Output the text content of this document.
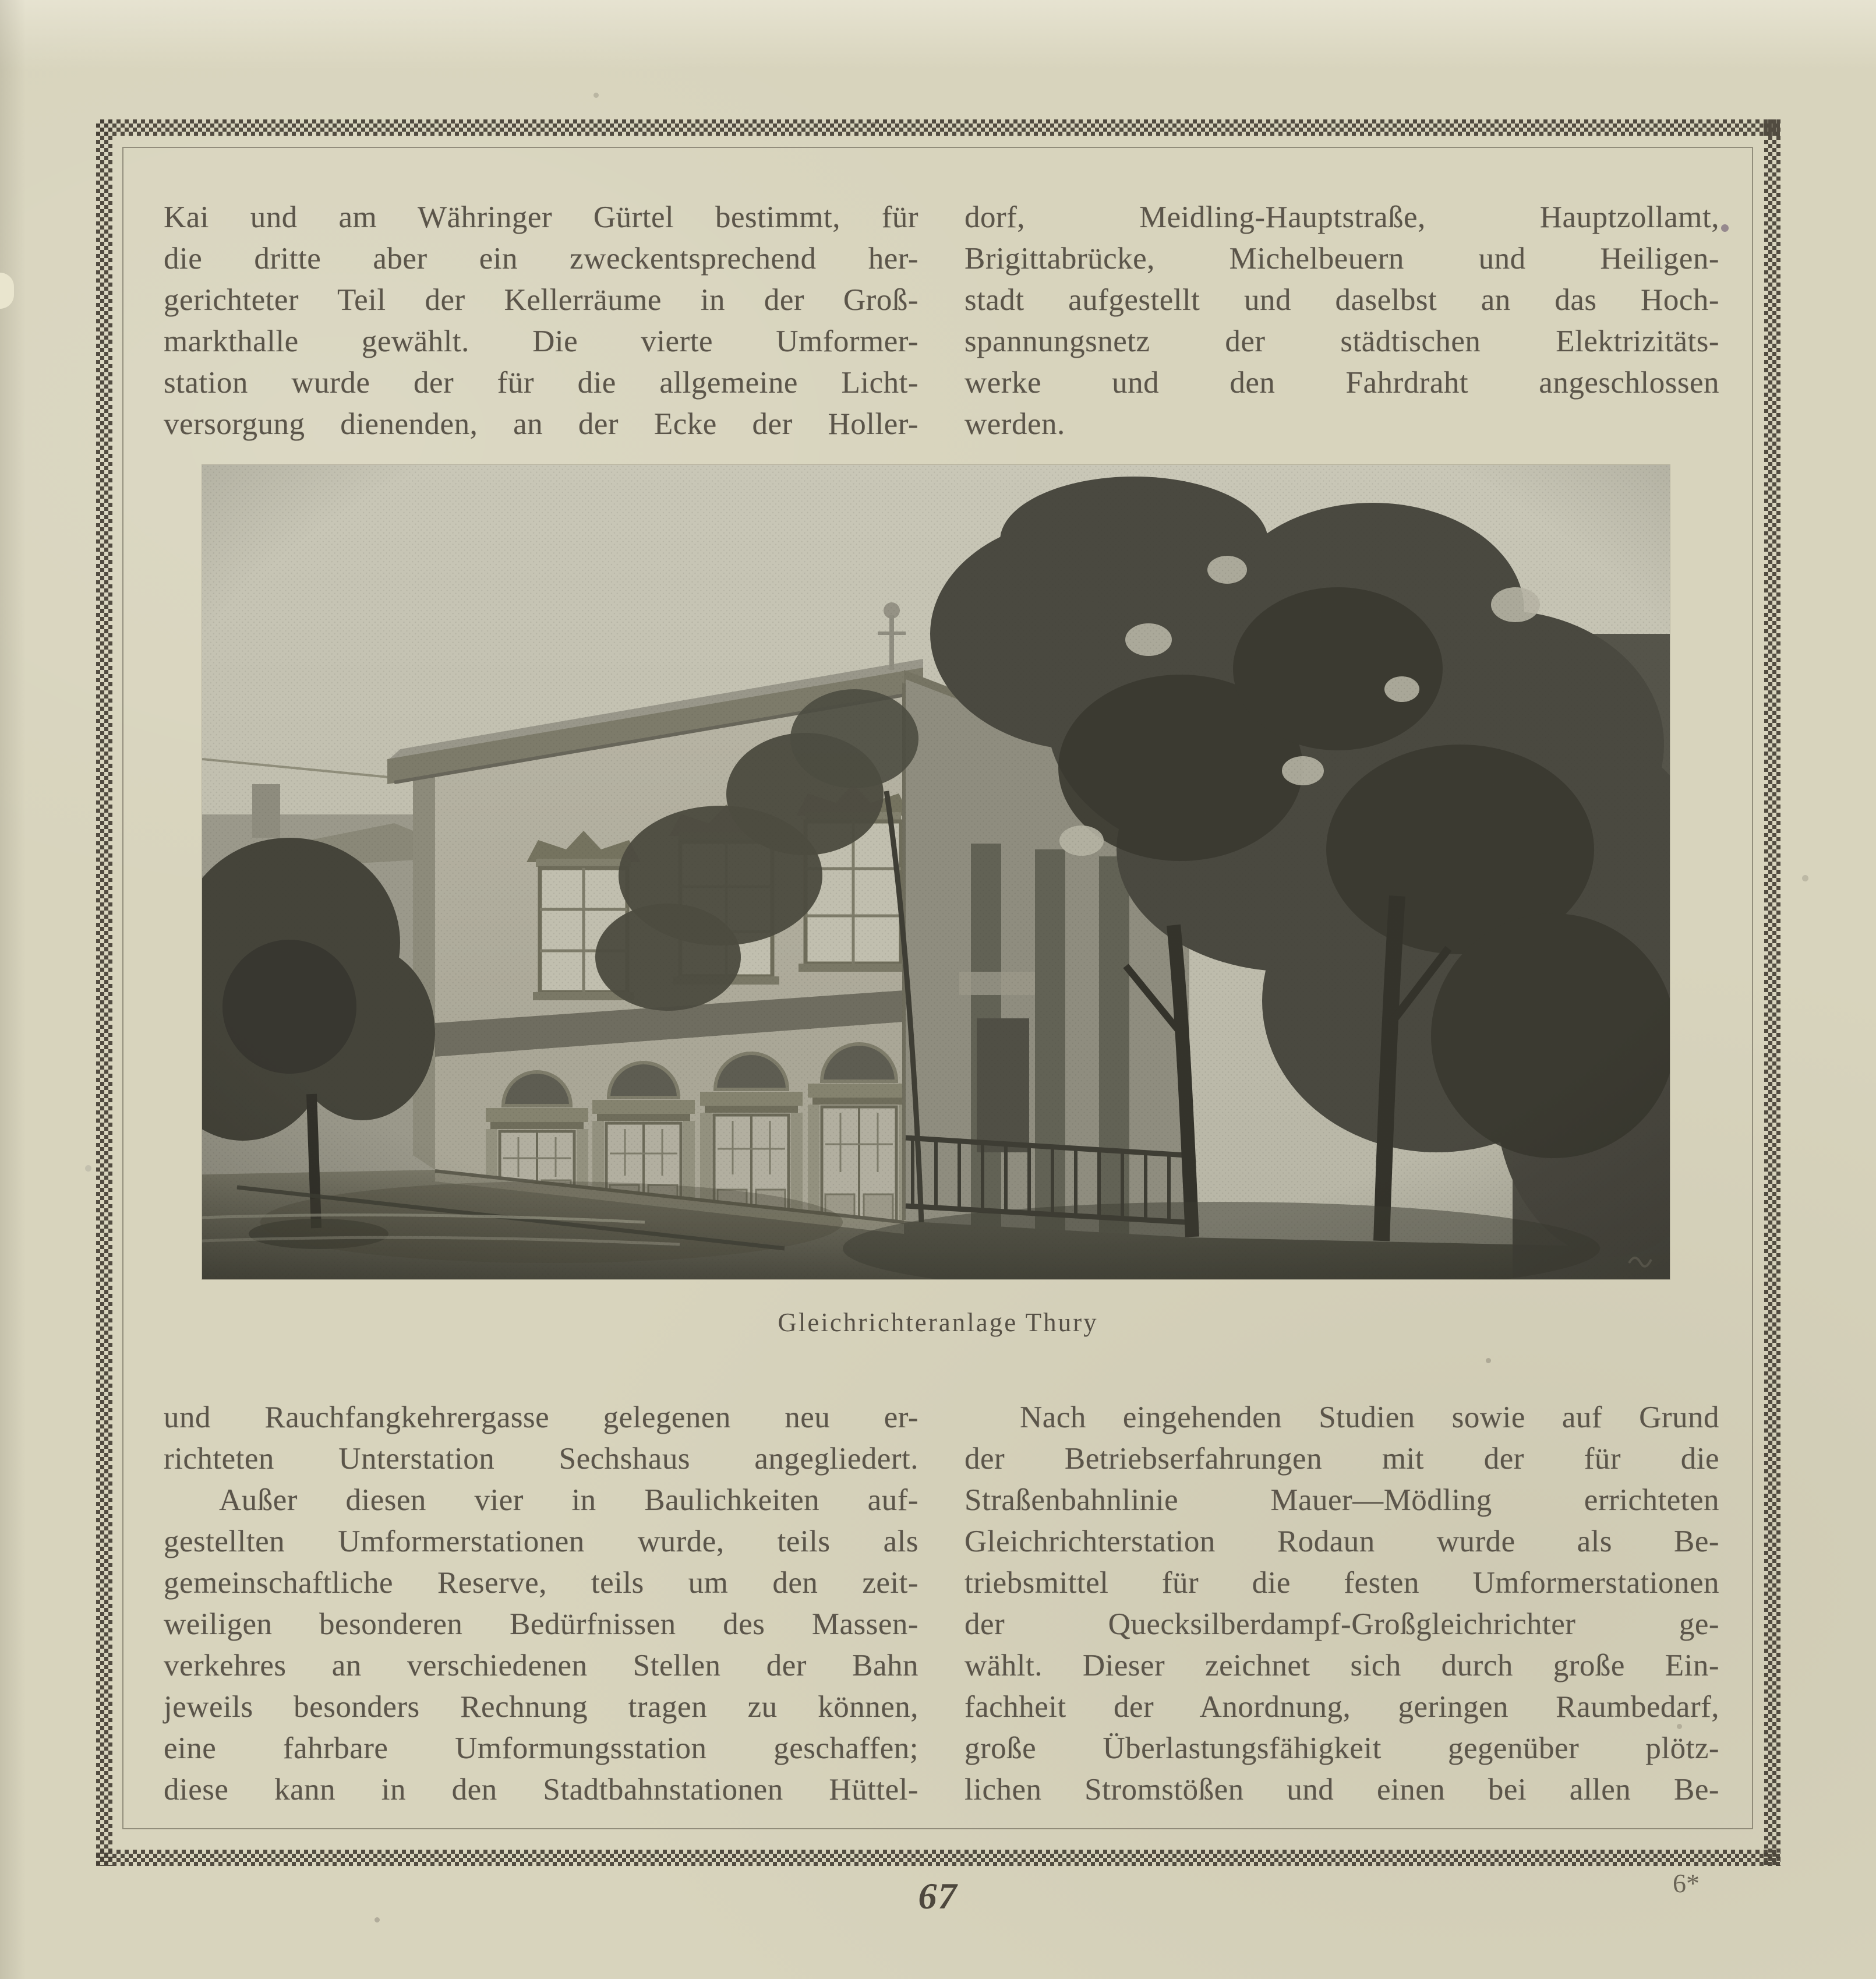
Kai und am Währinger Gürtel bestimmt, für
die dritte aber ein zweckentsprechend her-
gerichteter Teil der Kellerräume in der Groß-
markthalle gewählt. Die vierte Umformer-
station wurde der für die allgemeine Licht-
versorgung dienenden, an der Ecke der Holler-
dorf, Meidling-Hauptstraße, Hauptzollamt,
Brigittabrücke, Michelbeuern und Heiligen-
stadt aufgestellt und daselbst an das Hoch-
spannungsnetz der städtischen Elektrizitäts-
werke und den Fahrdraht angeschlossen
werden.
Gleichrichteranlage Thury
und Rauchfangkehrergasse gelegenen neu er-
richteten Unterstation Sechshaus angegliedert.
Außer diesen vier in Baulichkeiten auf-
gestellten Umformerstationen wurde, teils als
gemeinschaftliche Reserve, teils um den zeit-
weiligen besonderen Bedürfnissen des Massen-
verkehres an verschiedenen Stellen der Bahn
jeweils besonders Rechnung tragen zu können,
eine fahrbare Umformungsstation geschaffen;
diese kann in den Stadtbahnstationen Hüttel-
Nach eingehenden Studien sowie auf Grund
der Betriebserfahrungen mit der für die
Straßenbahnlinie Mauer—Mödling errichteten
Gleichrichterstation Rodaun wurde als Be-
triebsmittel für die festen Umformerstationen
der Quecksilberdampf-Großgleichrichter ge-
wählt. Dieser zeichnet sich durch große Ein-
fachheit der Anordnung, geringen Raumbedarf,
große Überlastungsfähigkeit gegenüber plötz-
lichen Stromstößen und einen bei allen Be-
67	6*
